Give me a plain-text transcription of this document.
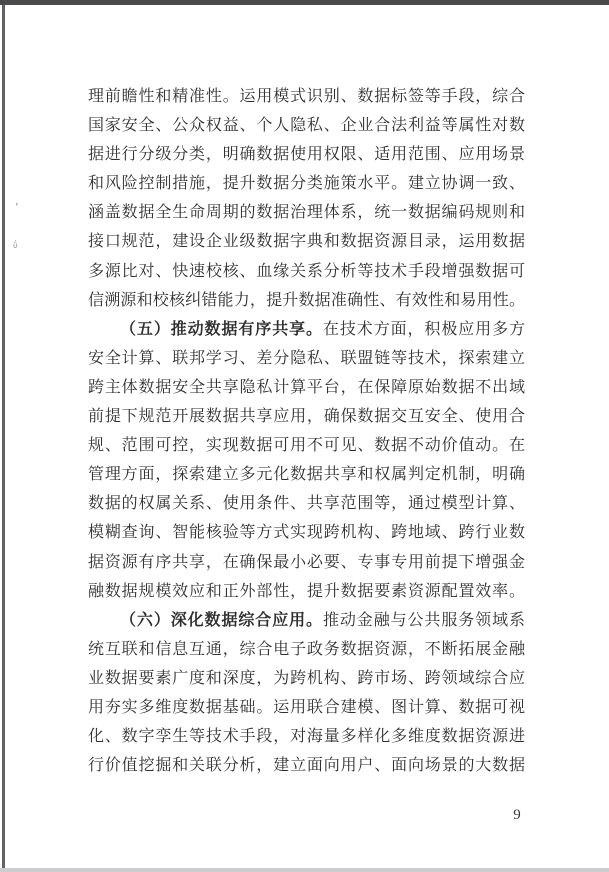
ʼ
ΰ
理前瞻性和精准性。运用模式识别、数据标签等手段，综合
国家安全、公众权益、个人隐私、企业合法利益等属性对数
据进行分级分类，明确数据使用权限、适用范围、应用场景
和风险控制措施，提升数据分类施策水平。建立协调一致、
涵盖数据全生命周期的数据治理体系，统一数据编码规则和
接口规范，建设企业级数据字典和数据资源目录，运用数据
多源比对、快速校核、血缘关系分析等技术手段增强数据可
信溯源和校核纠错能力，提升数据准确性、有效性和易用性。
（五）推动数据有序共享。在技术方面，积极应用多方
安全计算、联邦学习、差分隐私、联盟链等技术，探索建立
跨主体数据安全共享隐私计算平台，在保障原始数据不出域
前提下规范开展数据共享应用，确保数据交互安全、使用合
规、范围可控，实现数据可用不可见、数据不动价值动。在
管理方面，探索建立多元化数据共享和权属判定机制，明确
数据的权属关系、使用条件、共享范围等，通过模型计算、
模糊查询、智能核验等方式实现跨机构、跨地域、跨行业数
据资源有序共享，在确保最小必要、专事专用前提下增强金
融数据规模效应和正外部性，提升数据要素资源配置效率。
（六）深化数据综合应用。推动金融与公共服务领域系
统互联和信息互通，综合电子政务数据资源，不断拓展金融
业数据要素广度和深度，为跨机构、跨市场、跨领域综合应
用夯实多维度数据基础。运用联合建模、图计算、数据可视
化、数字孪生等技术手段，对海量多样化多维度数据资源进
行价值挖掘和关联分析，建立面向用户、面向场景的大数据
9
